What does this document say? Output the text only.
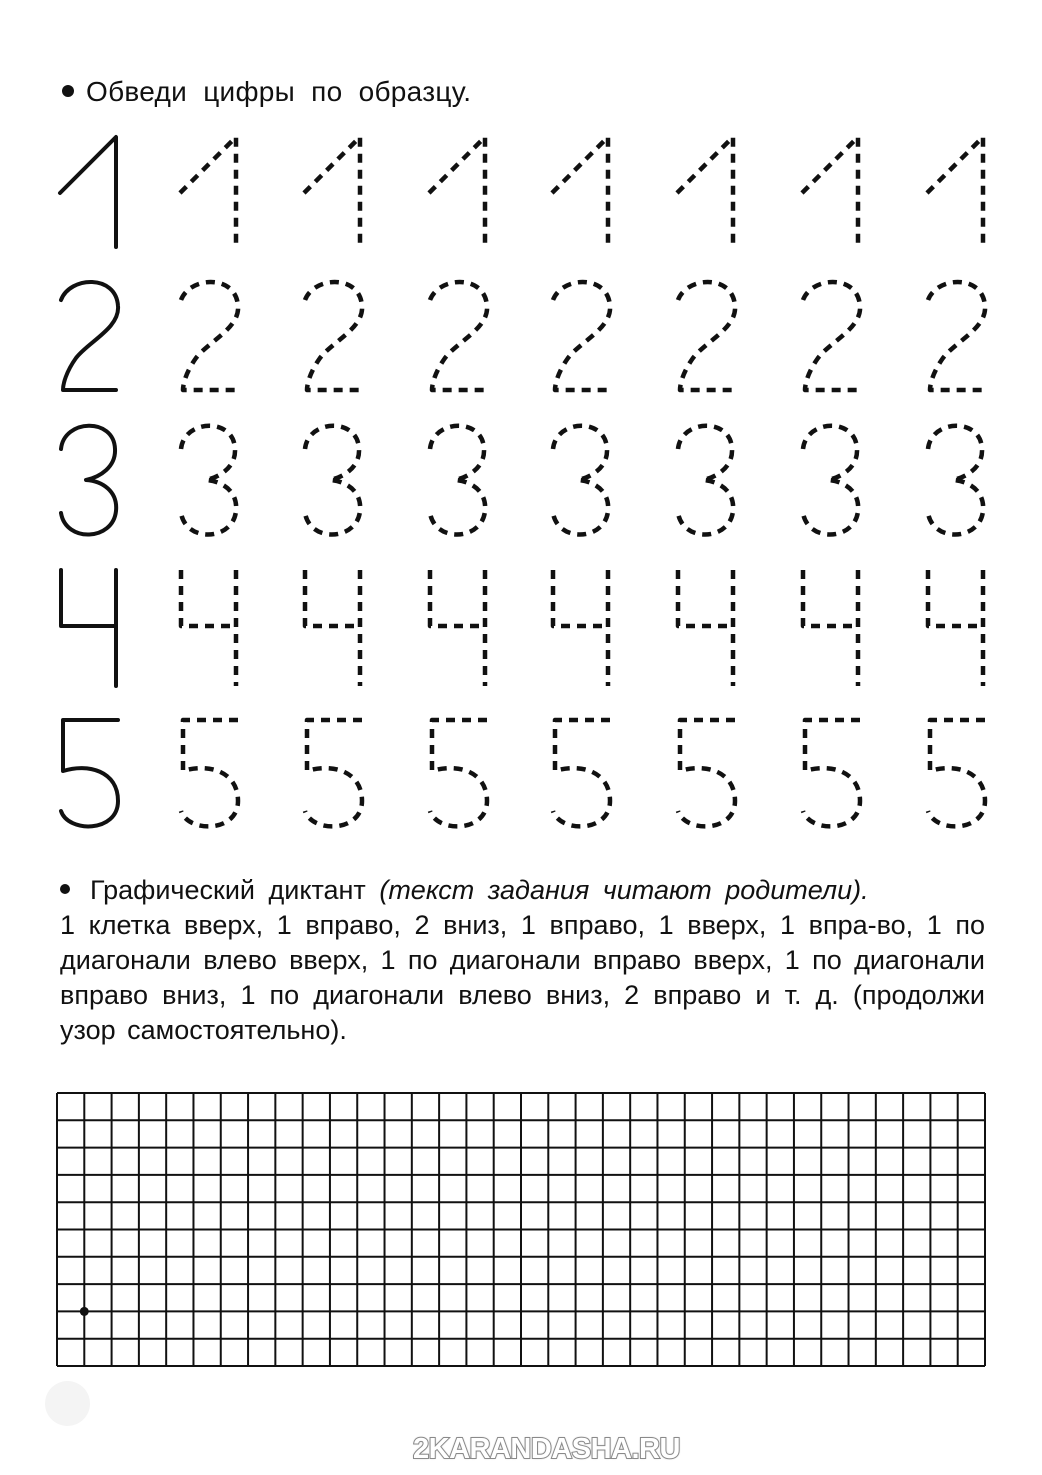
Обведи цифры по образцу.
Графический диктант (текст задания читают родители).
1 клетка вверх, 1 вправо, 2 вниз, 1 вправо, 1 вверх, 1 впра-во, 1 по диагонали влево вверх, 1 по диагонали вправо вверх, 1 по диагонали вправо вниз, 1 по диагонали влево вниз, 2 вправо и т. д. (продолжи узор самостоятельно).
2KARANDASHA.RU
